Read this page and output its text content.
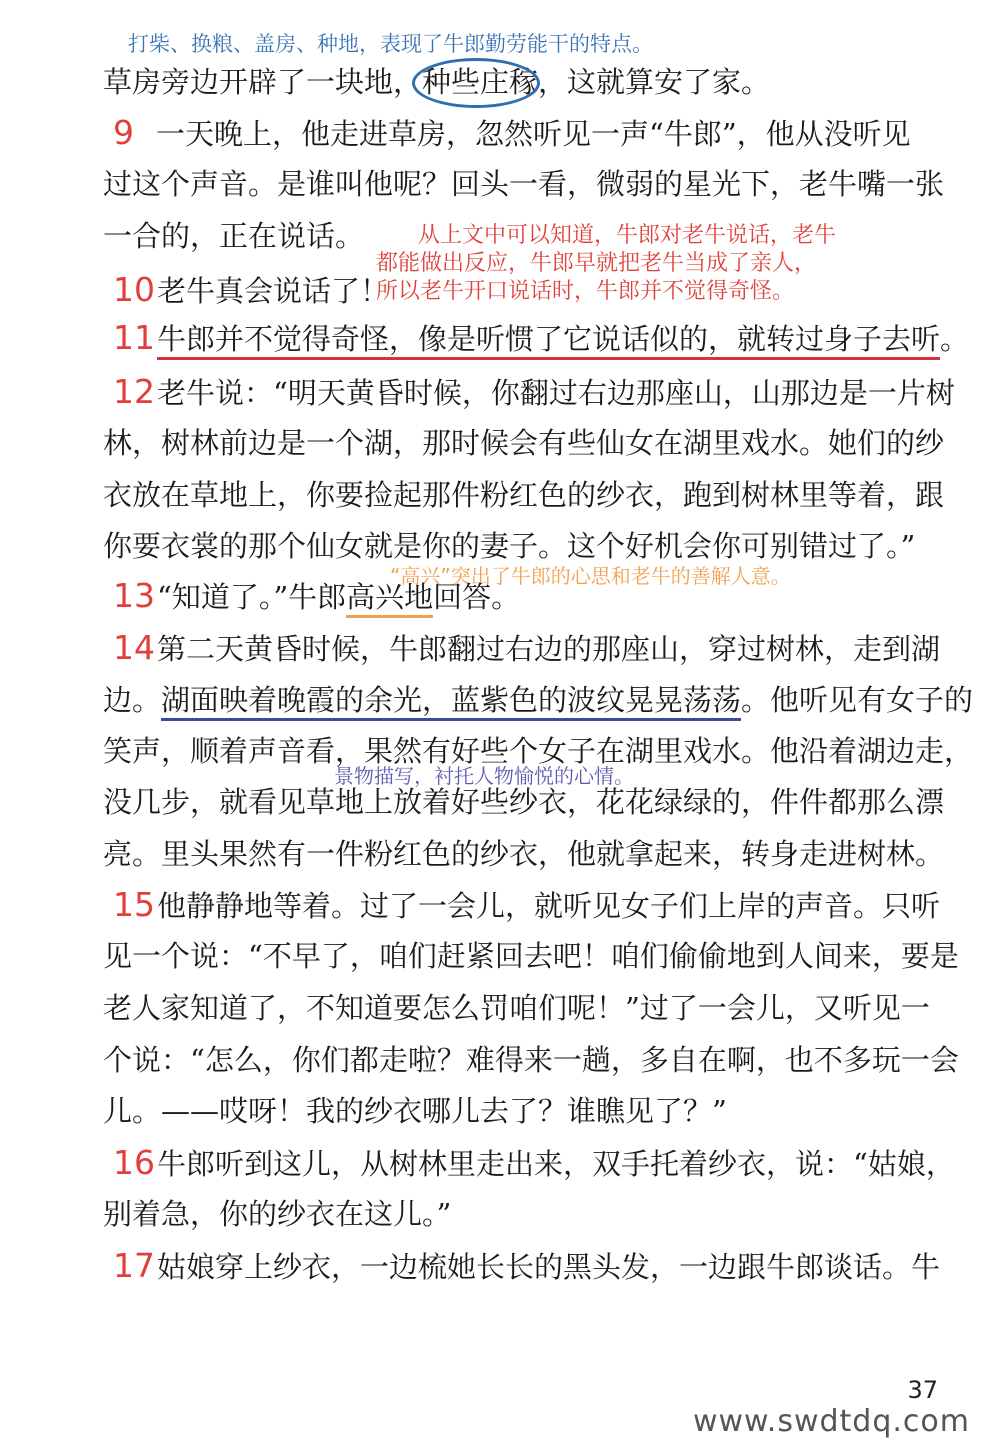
打柴、换粮、盖房、种地，表现了牛郎勤劳能干的特点。
草房旁边开辟了一块地，种些庄稼，这就算安了家。
9 一天晚上，他走进草房，忽然听见一声“牛郎”，他从没听见
过这个声音。是谁叫他呢？回头一看，微弱的星光下，老牛嘴一张
一合的，正在说话。 从上文中可以知道，牛郎对老牛说话，老牛
都能做出反应，牛郎早就把老牛当成了亲人，
所以老牛开口说话时，牛郎并不觉得奇怪。
10老牛真会说话了！
11牛郎并不觉得奇怪，像是听惯了它说话似的，就转过身子去听。
12老牛说：“明天黄昏时候，你翻过右边那座山，山那边是一片树
林，树林前边是一个湖，那时候会有些仙女在湖里戏水。她们的纱
衣放在草地上，你要捡起那件粉红色的纱衣，跑到树林里等着，跟
你要衣裳的那个仙女就是你的妻子。这个好机会你可别错过了。”
“高兴”突出了牛郎的心思和老牛的善解人意。
13“知道了。”牛郎高兴地回答。
14第二天黄昏时候，牛郎翻过右边的那座山，穿过树林，走到湖
边。湖面映着晚霞的余光，蓝紫色的波纹晃晃荡荡。他听见有女子的
笑声，顺着声音看，果然有好些个女子在湖里戏水。他沿着湖边走，
景物描写，衬托人物愉悦的心情。
没几步，就看见草地上放着好些纱衣，花花绿绿的，件件都那么漂
亮。里头果然有一件粉红色的纱衣，他就拿起来，转身走进树林。
15他静静地等着。过了一会儿，就听见女子们上岸的声音。只听
见一个说：“不早了，咱们赶紧回去吧！咱们偷偷地到人间来，要是
老人家知道了，不知道要怎么罚咱们呢！”过了一会儿，又听见一
个说：“怎么，你们都走啦？难得来一趟，多自在啊，也不多玩一会
儿。——哎呀！我的纱衣哪儿去了？谁瞧见了？”
16牛郎听到这儿，从树林里走出来，双手托着纱衣，说：“姑娘，
别着急，你的纱衣在这儿。”
17姑娘穿上纱衣，一边梳她长长的黑头发，一边跟牛郎谈话。牛
37
www.swdtdq.com
